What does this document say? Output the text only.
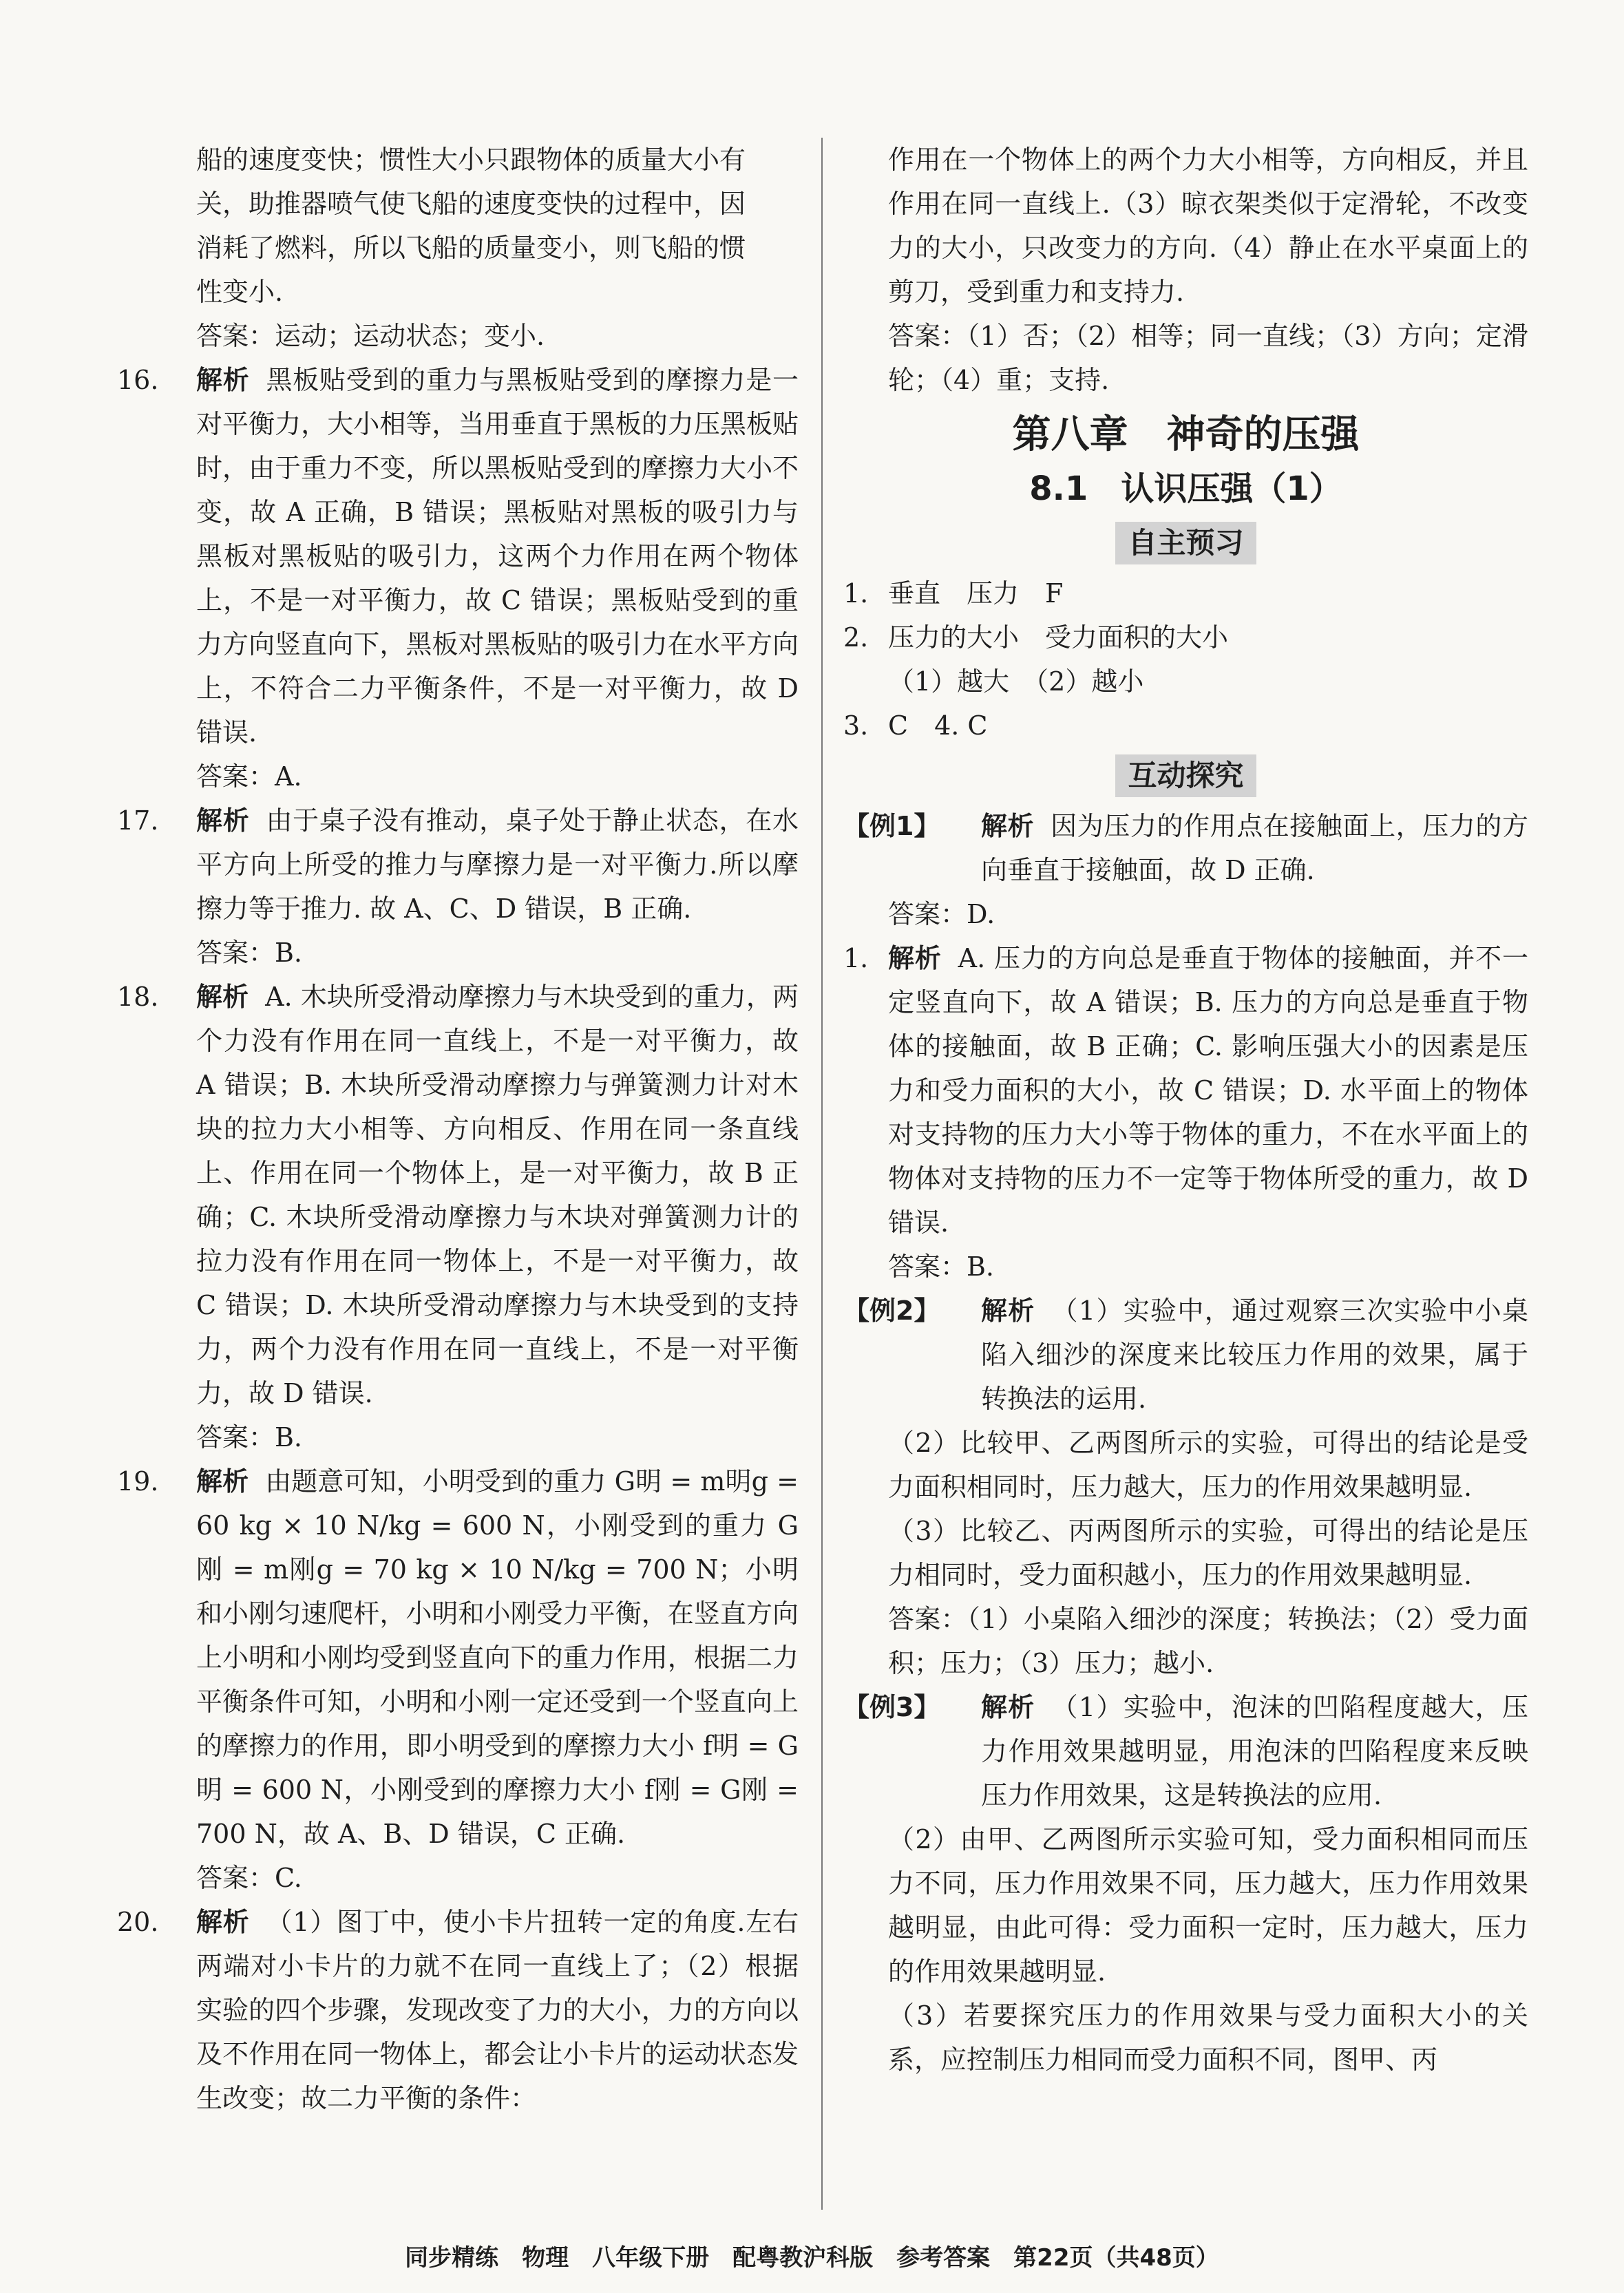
船的速度变快；惯性大小只跟物体的质量大小有
关，助推器喷气使飞船的速度变快的过程中，因
消耗了燃料，所以飞船的质量变小，则飞船的惯
性变小.
答案：运动；运动状态；变小.
16. 解析 黑板贴受到的重力与黑板贴受到的摩擦力是一对平衡力，大小相等，当用垂直于黑板的力压黑板贴时，由于重力不变，所以黑板贴受到的摩擦力大小不变，故 A 正确，B 错误；黑板贴对黑板的吸引力与黑板对黑板贴的吸引力，这两个力作用在两个物体上，不是一对平衡力，故 C 错误；黑板贴受到的重力方向竖直向下，黑板对黑板贴的吸引力在水平方向上，不符合二力平衡条件，不是一对平衡力，故 D 错误.
答案：A.
17. 解析 由于桌子没有推动，桌子处于静止状态，在水平方向上所受的推力与摩擦力是一对平衡力.所以摩擦力等于推力. 故 A、C、D 错误，B 正确.
答案：B.
18. 解析 A. 木块所受滑动摩擦力与木块受到的重力，两个力没有作用在同一直线上，不是一对平衡力，故 A 错误；B. 木块所受滑动摩擦力与弹簧测力计对木块的拉力大小相等、方向相反、作用在同一条直线上、作用在同一个物体上，是一对平衡力，故 B 正确；C. 木块所受滑动摩擦力与木块对弹簧测力计的拉力没有作用在同一物体上，不是一对平衡力，故 C 错误；D. 木块所受滑动摩擦力与木块受到的支持力，两个力没有作用在同一直线上，不是一对平衡力，故 D 错误.
答案：B.
19. 解析 由题意可知，小明受到的重力 G明 = m明g = 60 kg × 10 N/kg = 600 N，小刚受到的重力 G刚 = m刚g = 70 kg × 10 N/kg = 700 N；小明和小刚匀速爬杆，小明和小刚受力平衡，在竖直方向上小明和小刚均受到竖直向下的重力作用，根据二力平衡条件可知，小明和小刚一定还受到一个竖直向上的摩擦力的作用，即小明受到的摩擦力大小 f明 = G明 = 600 N，小刚受到的摩擦力大小 f刚 = G刚 = 700 N，故 A、B、D 错误，C 正确.
答案：C.
20. 解析 （1）图丁中，使小卡片扭转一定的角度.左右两端对小卡片的力就不在同一直线上了；（2）根据实验的四个步骤，发现改变了力的大小，力的方向以及不作用在同一物体上，都会让小卡片的运动状态发生改变；故二力平衡的条件：
作用在一个物体上的两个力大小相等，方向相反，并且作用在同一直线上.（3）晾衣架类似于定滑轮，不改变力的大小，只改变力的方向.（4）静止在水平桌面上的剪刀，受到重力和支持力.
答案：（1）否；（2）相等；同一直线；（3）方向；定滑轮；（4）重；支持.
第八章　神奇的压强
8.1　认识压强（1）
自主预习
1. 垂直　压力　F
2. 压力的大小　受力面积的大小
（1）越大　（2）越小
3. C　4. C
互动探究
【例1】 解析 因为压力的作用点在接触面上，压力的方向垂直于接触面，故 D 正确.
答案：D.
1. 解析 A. 压力的方向总是垂直于物体的接触面，并不一定竖直向下，故 A 错误；B. 压力的方向总是垂直于物体的接触面，故 B 正确；C. 影响压强大小的因素是压力和受力面积的大小，故 C 错误；D. 水平面上的物体对支持物的压力大小等于物体的重力，不在水平面上的物体对支持物的压力不一定等于物体所受的重力，故 D 错误.
答案：B.
【例2】 解析 （1）实验中，通过观察三次实验中小桌陷入细沙的深度来比较压力作用的效果，属于转换法的运用.
（2）比较甲、乙两图所示的实验，可得出的结论是受力面积相同时，压力越大，压力的作用效果越明显.
（3）比较乙、丙两图所示的实验，可得出的结论是压力相同时，受力面积越小，压力的作用效果越明显.
答案：（1）小桌陷入细沙的深度；转换法；（2）受力面积；压力；（3）压力；越小.
【例3】 解析 （1）实验中，泡沫的凹陷程度越大，压力作用效果越明显，用泡沫的凹陷程度来反映压力作用效果，这是转换法的应用.
（2）由甲、乙两图所示实验可知，受力面积相同而压力不同，压力作用效果不同，压力越大，压力作用效果越明显，由此可得：受力面积一定时，压力越大，压力的作用效果越明显.
（3）若要探究压力的作用效果与受力面积大小的关系，应控制压力相同而受力面积不同，图甲、丙
同步精练　物理　八年级下册　配粤教沪科版　参考答案　第22页（共48页）
